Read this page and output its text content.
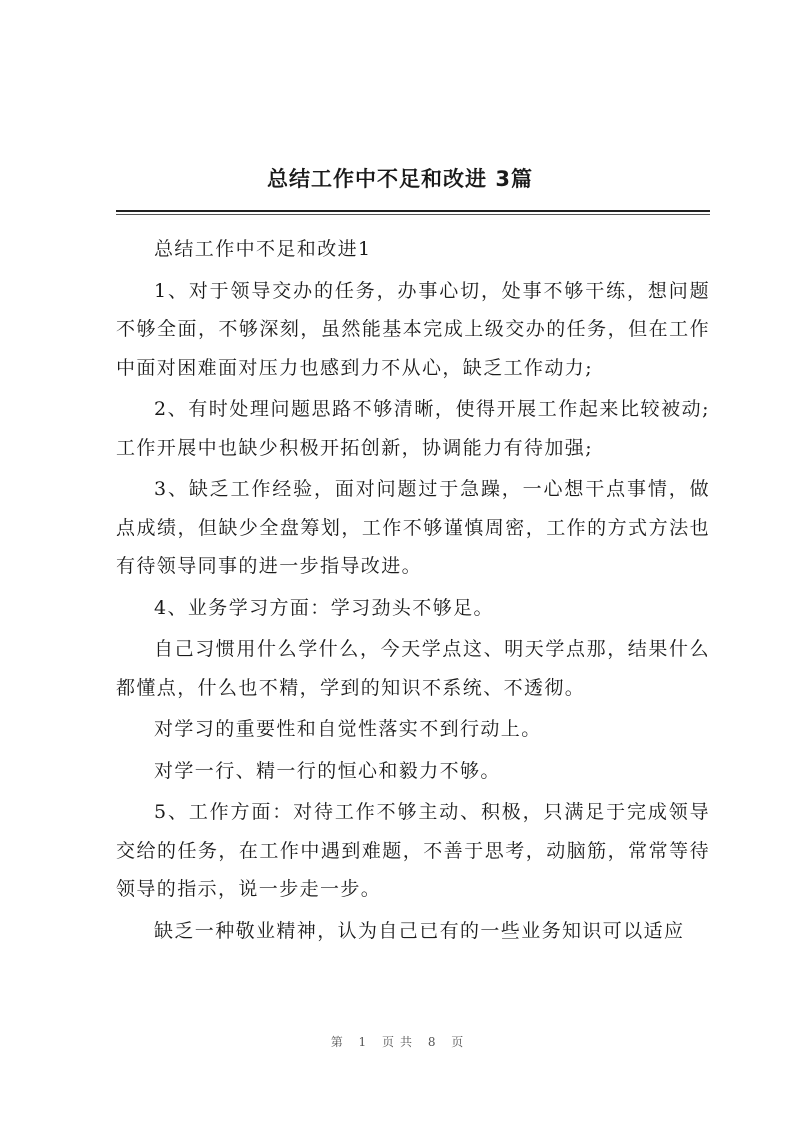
总结工作中不足和改进 3篇

总结工作中不足和改进1

1、对于领导交办的任务，办事心切，处事不够干练，想问题不够全面，不够深刻，虽然能基本完成上级交办的任务，但在工作中面对困难面对压力也感到力不从心，缺乏工作动力;

2、有时处理问题思路不够清晰，使得开展工作起来比较被动;工作开展中也缺少积极开拓创新，协调能力有待加强;

3、缺乏工作经验，面对问题过于急躁，一心想干点事情，做点成绩，但缺少全盘筹划，工作不够谨慎周密，工作的方式方法也有待领导同事的进一步指导改进。

4、业务学习方面：学习劲头不够足。

自己习惯用什么学什么，今天学点这、明天学点那，结果什么都懂点，什么也不精，学到的知识不系统、不透彻。

对学习的重要性和自觉性落实不到行动上。

对学一行、精一行的恒心和毅力不够。

5、工作方面：对待工作不够主动、积极，只满足于完成领导交给的任务，在工作中遇到难题，不善于思考，动脑筋，常常等待领导的指示，说一步走一步。

缺乏一种敬业精神，认为自己已有的一些业务知识可以适应

第 1 页共 8 页
